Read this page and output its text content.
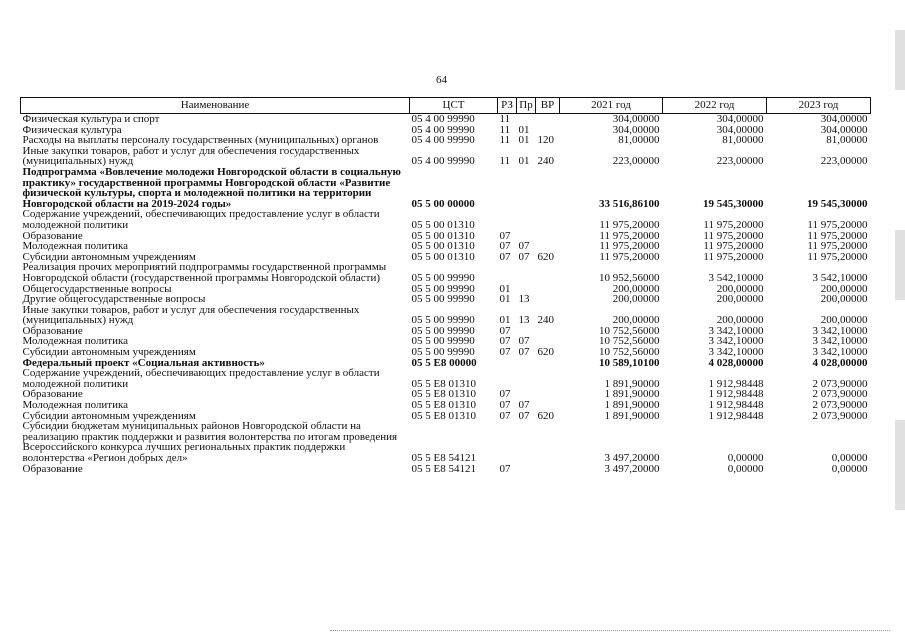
64
Наименование	ЦСТ	РЗ	Пр	ВР	2021 год	2022 год	2023 год
Физическая культура и спорт	05 4 00 99990	11			304,00000	304,00000	304,00000
Физическая культура	05 4 00 99990	11	01		304,00000	304,00000	304,00000
Расходы на выплаты персоналу государственных (муниципальных) органов	05 4 00 99990	11	01	120	81,00000	81,00000	81,00000
Иные закупки товаров, работ и услуг для обеспечения государственных (муниципальных) нужд	05 4 00 99990	11	01	240	223,00000	223,00000	223,00000
Подпрограмма «Вовлечение молодежи Новгородской области в социальную практику» государственной программы Новгородской области «Развитие физической культуры, спорта и молодежной политики на территории Новгородской области на 2019-2024 годы»	05 5 00 00000				33 516,86100	19 545,30000	19 545,30000
Содержание учреждений, обеспечивающих предоставление услуг в области молодежной политики	05 5 00 01310				11 975,20000	11 975,20000	11 975,20000
Образование	05 5 00 01310	07			11 975,20000	11 975,20000	11 975,20000
Молодежная политика	05 5 00 01310	07	07		11 975,20000	11 975,20000	11 975,20000
Субсидии автономным учреждениям	05 5 00 01310	07	07	620	11 975,20000	11 975,20000	11 975,20000
Реализация прочих мероприятий подпрограммы государственной программы Новгородской области (государственной программы Новгородской области)	05 5 00 99990				10 952,56000	3 542,10000	3 542,10000
Общегосударственные вопросы	05 5 00 99990	01			200,00000	200,00000	200,00000
Другие общегосударственные вопросы	05 5 00 99990	01	13		200,00000	200,00000	200,00000
Иные закупки товаров, работ и услуг для обеспечения государственных (муниципальных) нужд	05 5 00 99990	01	13	240	200,00000	200,00000	200,00000
Образование	05 5 00 99990	07			10 752,56000	3 342,10000	3 342,10000
Молодежная политика	05 5 00 99990	07	07		10 752,56000	3 342,10000	3 342,10000
Субсидии автономным учреждениям	05 5 00 99990	07	07	620	10 752,56000	3 342,10000	3 342,10000
Федеральный проект «Социальная активность»	05 5 E8 00000				10 589,10100	4 028,00000	4 028,00000
Содержание учреждений, обеспечивающих предоставление услуг в области молодежной политики	05 5 E8 01310				1 891,90000	1 912,98448	2 073,90000
Образование	05 5 E8 01310	07			1 891,90000	1 912,98448	2 073,90000
Молодежная политика	05 5 E8 01310	07	07		1 891,90000	1 912,98448	2 073,90000
Субсидии автономным учреждениям	05 5 E8 01310	07	07	620	1 891,90000	1 912,98448	2 073,90000
Субсидии бюджетам муниципальных районов Новгородской области на реализацию практик поддержки и развития волонтерства по итогам проведения Всероссийского конкурса лучших региональных практик поддержки волонтерства «Регион добрых дел»	05 5 E8 54121				3 497,20000	0,00000	0,00000
Образование	05 5 E8 54121	07			3 497,20000	0,00000	0,00000
